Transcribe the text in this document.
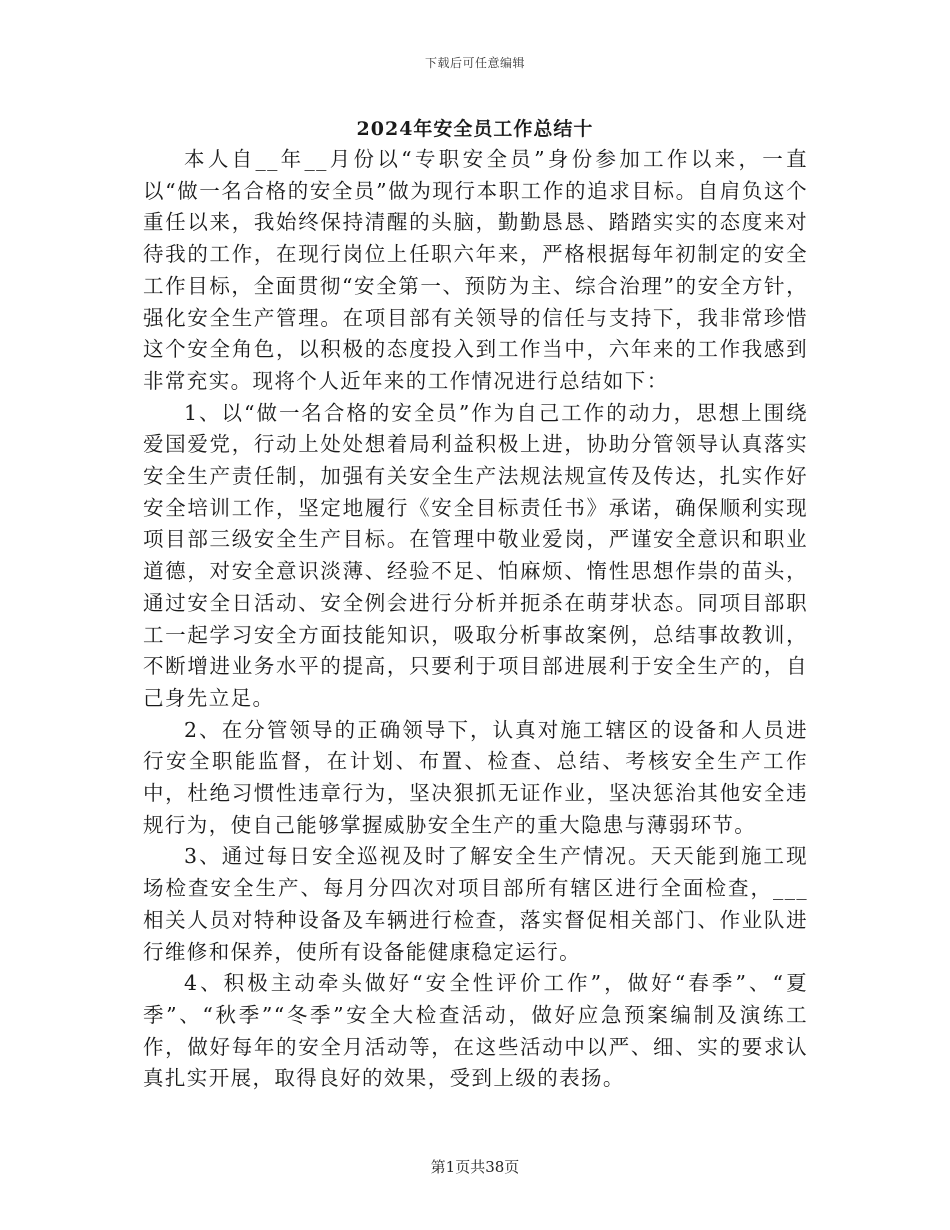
下载后可任意编辑
2024年安全员工作总结十

本人自__年__月份以“专职安全员”身份参加工作以来，一直以“做一名合格的安全员”做为现行本职工作的追求目标。自肩负这个重任以来，我始终保持清醒的头脑，勤勤恳恳、踏踏实实的态度来对待我的工作，在现行岗位上任职六年来，严格根据每年初制定的安全工作目标，全面贯彻“安全第一、预防为主、综合治理”的安全方针，强化安全生产管理。在项目部有关领导的信任与支持下，我非常珍惜这个安全角色，以积极的态度投入到工作当中，六年来的工作我感到非常充实。现将个人近年来的工作情况进行总结如下：

1、以“做一名合格的安全员”作为自己工作的动力，思想上围绕爱国爱党，行动上处处想着局利益积极上进，协助分管领导认真落实安全生产责任制，加强有关安全生产法规法规宣传及传达，扎实作好安全培训工作，坚定地履行《安全目标责任书》承诺，确保顺利实现项目部三级安全生产目标。在管理中敬业爱岗，严谨安全意识和职业道德，对安全意识淡薄、经验不足、怕麻烦、惰性思想作祟的苗头，通过安全日活动、安全例会进行分析并扼杀在萌芽状态。同项目部职工一起学习安全方面技能知识，吸取分析事故案例，总结事故教训，不断增进业务水平的提高，只要利于项目部进展利于安全生产的，自己身先立足。

2、在分管领导的正确领导下，认真对施工辖区的设备和人员进行安全职能监督，在计划、布置、检查、总结、考核安全生产工作中，杜绝习惯性违章行为，坚决狠抓无证作业，坚决惩治其他安全违规行为，使自己能够掌握威胁安全生产的重大隐患与薄弱环节。

3、通过每日安全巡视及时了解安全生产情况。天天能到施工现场检查安全生产、每月分四次对项目部所有辖区进行全面检查，___相关人员对特种设备及车辆进行检查，落实督促相关部门、作业队进行维修和保养，使所有设备能健康稳定运行。

4、积极主动牵头做好“安全性评价工作”，做好“春季”、“夏季”、“秋季”“冬季”安全大检查活动，做好应急预案编制及演练工作，做好每年的安全月活动等，在这些活动中以严、细、实的要求认真扎实开展，取得良好的效果，受到上级的表扬。

第1页共38页
